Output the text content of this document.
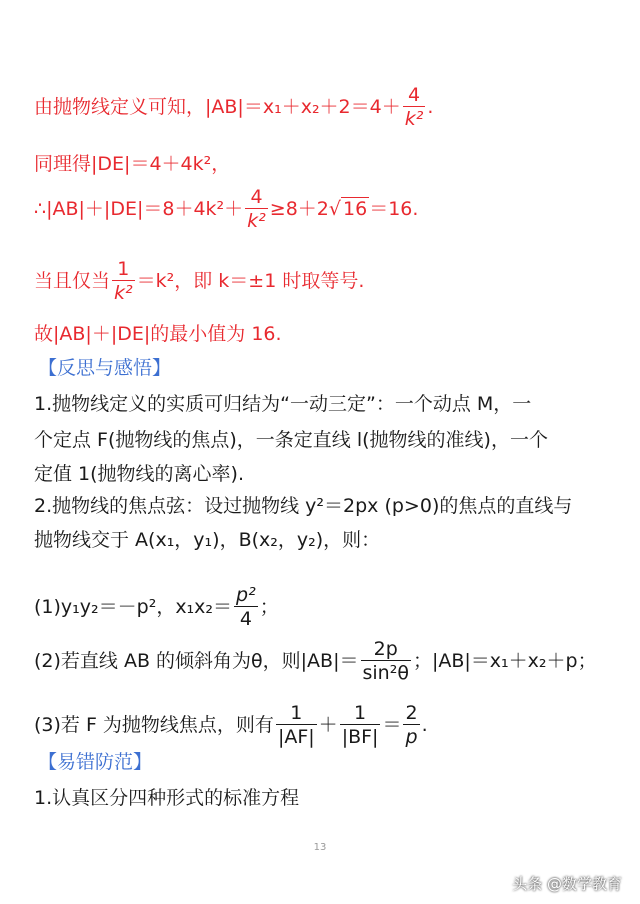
由抛物线定义可知，$|AB|=x_1+x_2+2=4+ \frac{4}{\text{k²}}$ .
同理得|DE|＝4＋4k²，
∴|AB|＋|DE|＝8＋4k²＋ $\frac{4}{\text{k²}} \ge 8+2√$ 16 ＝16.
当且仅当 $\frac{1}{\text{k²}} =k^2$，即 k＝±1 时取等号.
故|AB|＋|DE|的最小值为 16.
【反思与感悟】
1.抛物线定义的实质可归结为“一动三定”：一个动点 M，一
个定点 F(抛物线的焦点)，一条定直线 l(抛物线的准线)，一个
定值 1(抛物线的离心率).
2.抛物线的焦点弦：设过抛物线 y²＝2px (p>0)的焦点的直线与
抛物线交于 A(x₁，y₁)，B(x₂，y₂)，则：
(1)y₁y₂＝－p²，$x_1x_2= \frac{\text{p²}}{4}$ ；
(2)若直线 AB 的倾斜角为θ，则$|AB|= \frac{2p}{\text{sin²θ}}$ ；|AB|＝x₁＋x₂＋p；
(3)若 F 为抛物线焦点，则有 $\frac{1}{|AF|} + \frac{1}{|BF|} = \frac{2}{p}$ .
【易错防范】
1.认真区分四种形式的标准方程
13
头条 @数学教育
